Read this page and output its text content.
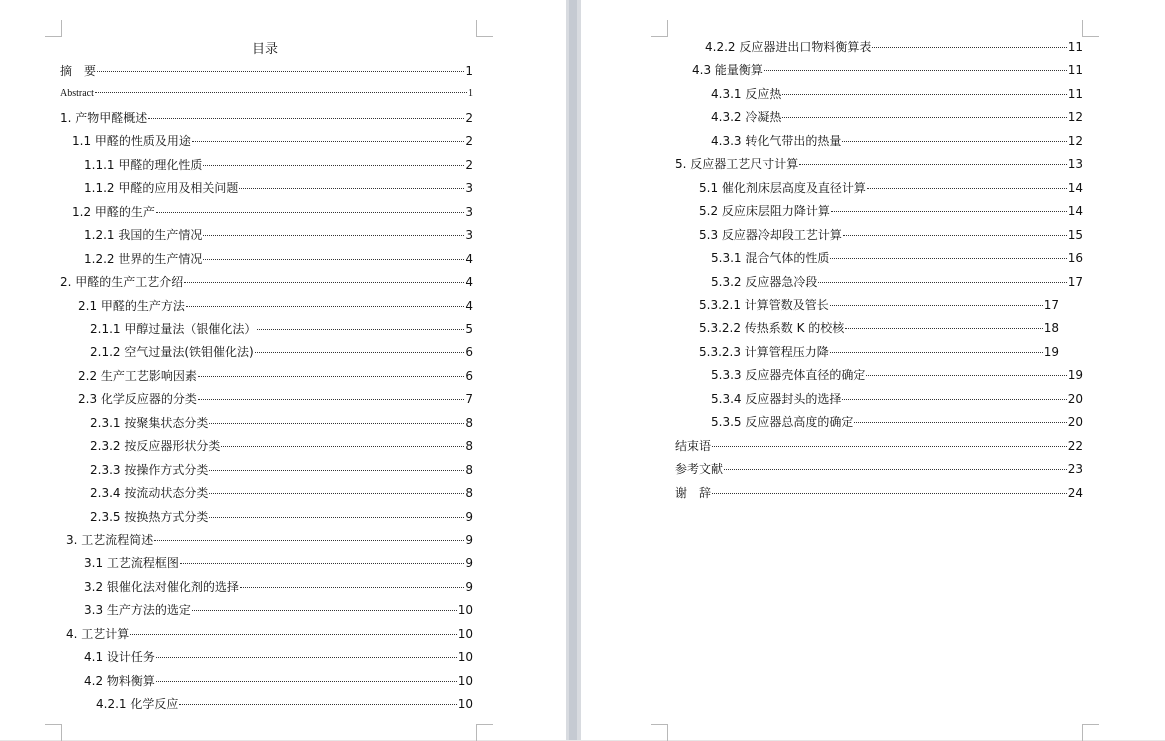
目录
摘　要	1
Abstract	1
1. 产物甲醛概述	2
1.1 甲醛的性质及用途	2
1.1.1 甲醛的理化性质	2
1.1.2 甲醛的应用及相关问题	3
1.2 甲醛的生产	3
1.2.1 我国的生产情况	3
1.2.2 世界的生产情况	4
2. 甲醛的生产工艺介绍	4
2.1 甲醛的生产方法	4
2.1.1 甲醇过量法（银催化法）	5
2.1.2 空气过量法(铁钼催化法)	6
2.2 生产工艺影响因素	6
2.3 化学反应器的分类	7
2.3.1 按聚集状态分类	8
2.3.2 按反应器形状分类	8
2.3.3 按操作方式分类	8
2.3.4 按流动状态分类	8
2.3.5 按换热方式分类	9
3. 工艺流程简述	9
3.1 工艺流程框图	9
3.2 银催化法对催化剂的选择	9
3.3 生产方法的选定	10
4. 工艺计算	10
4.1 设计任务	10
4.2 物料衡算	10
4.2.1 化学反应	10
4.2.2 反应器进出口物料衡算表	11
4.3 能量衡算	11
4.3.1 反应热	11
4.3.2 冷凝热	12
4.3.3 转化气带出的热量	12
5. 反应器工艺尺寸计算	13
5.1 催化剂床层高度及直径计算	14
5.2 反应床层阻力降计算	14
5.3 反应器冷却段工艺计算	15
5.3.1 混合气体的性质	16
5.3.2 反应器急冷段	17
5.3.2.1 计算管数及管长	17
5.3.2.2 传热系数 K 的校核	18
5.3.2.3 计算管程压力降	19
5.3.3 反应器壳体直径的确定	19
5.3.4 反应器封头的选择	20
5.3.5 反应器总高度的确定	20
结束语	22
参考文献	23
谢　辞	24
